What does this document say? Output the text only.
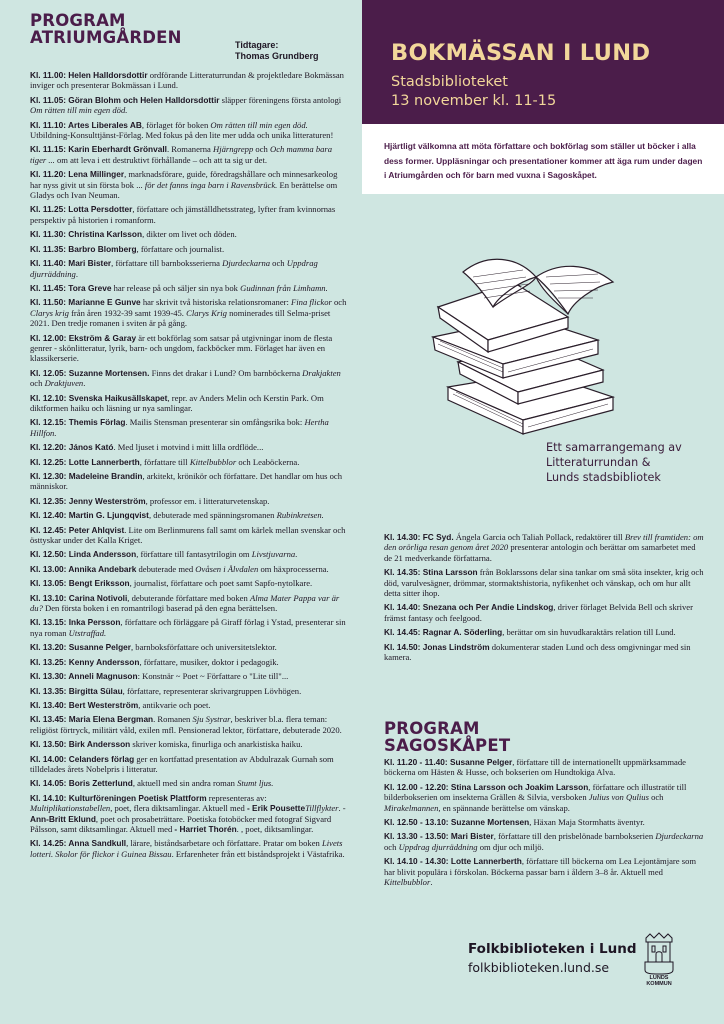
PROGRAM

ATRIUMGÅRDEN	Tidtagare:
Thomas Grundberg

Kl. 11.00: Helen Halldorsdottir ordförande Litteraturrundan & projektledare Bokmässan inviger och presenterar Bokmässan i Lund.

Kl. 11.05: Göran Blohm och Helen Halldorsdottir släpper föreningens första antologi Om rätten till min egen död.

Kl. 11.10: Artes Liberales AB, förlaget för boken Om rätten till min egen död. Utbildning-Konsulttjänst-Förlag. Med fokus på den lite mer udda och unika litteraturen!

Kl. 11.15: Karin Eberhardt Grönvall. Romanerna Hjärngrepp och Och mamma bara tiger ... om att leva i ett destruktivt förhållande – och att ta sig ur det.

Kl. 11.20: Lena Millinger, marknadsförare, guide, föredragshållare och minnesarkeolog har nyss givit ut sin första bok ... för det fanns inga barn i Ravensbrück. En berättelse om Gladys och Ivan Neuman.

Kl. 11.25: Lotta Persdotter, författare och jämställdhetsstrateg, lyfter fram kvinnornas perspektiv på historien i romanform.

Kl. 11.30: Christina Karlsson, dikter om livet och döden.

Kl. 11.35: Barbro Blomberg, författare och journalist.

Kl. 11.40: Mari Bister, författare till barnboksserierna Djurdeckarna och Uppdrag djurräddning.

Kl. 11.45: Tora Greve har release på och säljer sin nya bok Gudinnan från Limhamn.

Kl. 11.50: Marianne E Gunve har skrivit två historiska relationsromaner: Fina flickor och Clarys krig från åren 1932-39 samt 1939-45. Clarys Krig nominerades till Selma-priset 2021. Den tredje romanen i sviten är på gång.

Kl. 12.00: Ekström & Garay är ett bokförlag som satsar på utgivningar inom de flesta genrer - skönlitteratur, lyrik, barn- och ungdom, fackböcker mm. Förlaget har även en klassikerserie.

Kl. 12.05: Suzanne Mortensen. Finns det drakar i Lund? Om barnböckerna Drakjakten och Draktjuven.

Kl. 12.10: Svenska Haikusällskapet, repr. av Anders Melin och Kerstin Park. Om diktformen haiku och läsning ur nya samlingar.

Kl. 12.15: Themis Förlag. Mailis Stensman presenterar sin omfångsrika bok: Hertha Hillfon.

Kl. 12.20: János Kató. Med ljuset i motvind i mitt lilla ordflöde...

Kl. 12.25: Lotte Lannerberth, författare till Kittelbubblor och Leaböckerna.

Kl. 12.30: Madeleine Brandin, arkitekt, krönikör och författare. Det handlar om hus och människor.

Kl. 12.35: Jenny Westerström, professor em. i litteraturvetenskap.

Kl. 12.40: Martin G. Ljungqvist, debuterade med spänningsromanen Rubinkretsen.

Kl. 12.45: Peter Ahlqvist. Lite om Berlinmurens fall samt om kärlek mellan svenskar och östtyskar under det Kalla Kriget.

Kl. 12.50: Linda Andersson, författare till fantasytrilogin om Livstjuvarna.

Kl. 13.00: Annika Andebark debuterade med Ovåsen i Ålvdalen om häxprocesserna.

Kl. 13.05: Bengt Eriksson, journalist, författare och poet samt Sapfo-nytolkare.

Kl. 13.10: Carina Notivoli, debuterande författare med boken Alma Mater Pappa var är du? Den första boken i en romantrilogi baserad på den egna berättelsen.

Kl. 13.15: Inka Persson, författare och förläggare på Giraff förlag i Ystad, presenterar sin nya roman Utstraffad.

Kl. 13.20: Susanne Pelger, barnboksförfattare och universitetslektor.

Kl. 13.25: Kenny Andersson, författare, musiker, doktor i pedagogik.

Kl. 13.30: Anneli Magnuson: Konstnär ~ Poet ~ Författare o "Lite till"...

Kl. 13.35: Birgitta Sülau, författare, representerar skrivargruppen Lövhögen.

Kl. 13.40: Bert Westerström, antikvarie och poet.

Kl. 13.45: Maria Elena Bergman. Romanen Sju Systrar, beskriver bl.a. flera teman: religiöst förtryck, militärt våld, exilen mfl. Pensionerad lektor, författare, debuterade 2020.

Kl. 13.50: Birk Andersson skriver komiska, finurliga och anarkistiska haiku.

Kl. 14.00: Celanders förlag ger en kortfattad presentation av Abdulrazak Gurnah som tilldelades årets Nobelpris i litteratur.

Kl. 14.05: Boris Zetterlund, aktuell med sin andra roman Stumt ljus.

Kl. 14.10: Kulturföreningen Poetisk Plattform representeras av: Multiplikationstabellen, poet, flera diktsamlingar. Aktuell med - Erik PousetteTillflykter. - Ann-Britt Eklund, poet och prosabeträttare. Poetiska fotoböcker med fotograf Sigvard Pålsson, samt diktsamlingar. Aktuell med - Harriet Thorén. , poet, diktsamlingar.

Kl. 14.25: Anna Sandkull, lärare, biståndsarbetare och författare. Pratar om boken Livets lotteri. Skolor för flickor i Guinea Bissau. Erfarenheter från ett biståndsprojekt i Västafrika.

BOKMÄSSAN I LUND
Stadsbiblioteket
13 november kl. 11-15

Hjärtligt välkomna att möta författare och bokförlag som ställer ut böcker i alla dess former. Uppläsningar och presentationer kommer att äga rum under dagen i Atriumgården och för barn med vuxna i Sagoskåpet.

Ett samarrangemang av
Litteraturrundan &
Lunds stadsbibliotek

Kl. 14.30: FC Syd. Ángela Garcia och Taliah Pollack, redaktörer till Brev till framtiden: om den orörliga resan genom året 2020 presenterar antologin och berättar om samarbetet med de 21 medverkande författarna.

Kl. 14.35: Stina Larsson från Boklarssons delar sina tankar om små söta insekter, krig och död, varulvesägner, drömmar, stormaktshistoria, nyfikenhet och vänskap, och om hur allt detta sitter ihop.

Kl. 14.40: Snezana och Per Andie Lindskog, driver förlaget Belvida Bell och skriver främst fantasy och feelgood.

Kl. 14.45: Ragnar A. Söderling, berättar om sin huvudkaraktärs relation till Lund.

Kl. 14.50: Jonas Lindström dokumenterar staden Lund och dess omgivningar med sin kamera.

PROGRAM

SAGOSKÅPET

Kl. 11.20 - 11.40: Susanne Pelger, författare till de internationellt uppmärksammade böckerna om Hästen & Husse, och bokserien om Hundtokiga Alva.

Kl. 12.00 - 12.20: Stina Larsson och Joakim Larsson, författare och illustratör till bilderbokserien om insekterna Grällen & Silvia, versboken Julius von Qulius och Mirakelmannen, en spännande berättelse om vänskap.

Kl. 12.50 - 13.10: Suzanne Mortensen, Häxan Maja Stormhatts äventyr.

Kl. 13.30 - 13.50: Mari Bister, författare till den prisbelönade barnbokserien Djurdeckarna och Uppdrag djurräddning om djur och miljö.

Kl. 14.10 - 14.30: Lotte Lannerberth, författare till böckerna om Lea Lejontämjare som har blivit populära i förskolan. Böckerna passar barn i åldern 3–8 år. Aktuell med Kittelbubblor.

Folkbiblioteken i Lund
folkbiblioteken.lund.se
LUNDS
KOMMUN
